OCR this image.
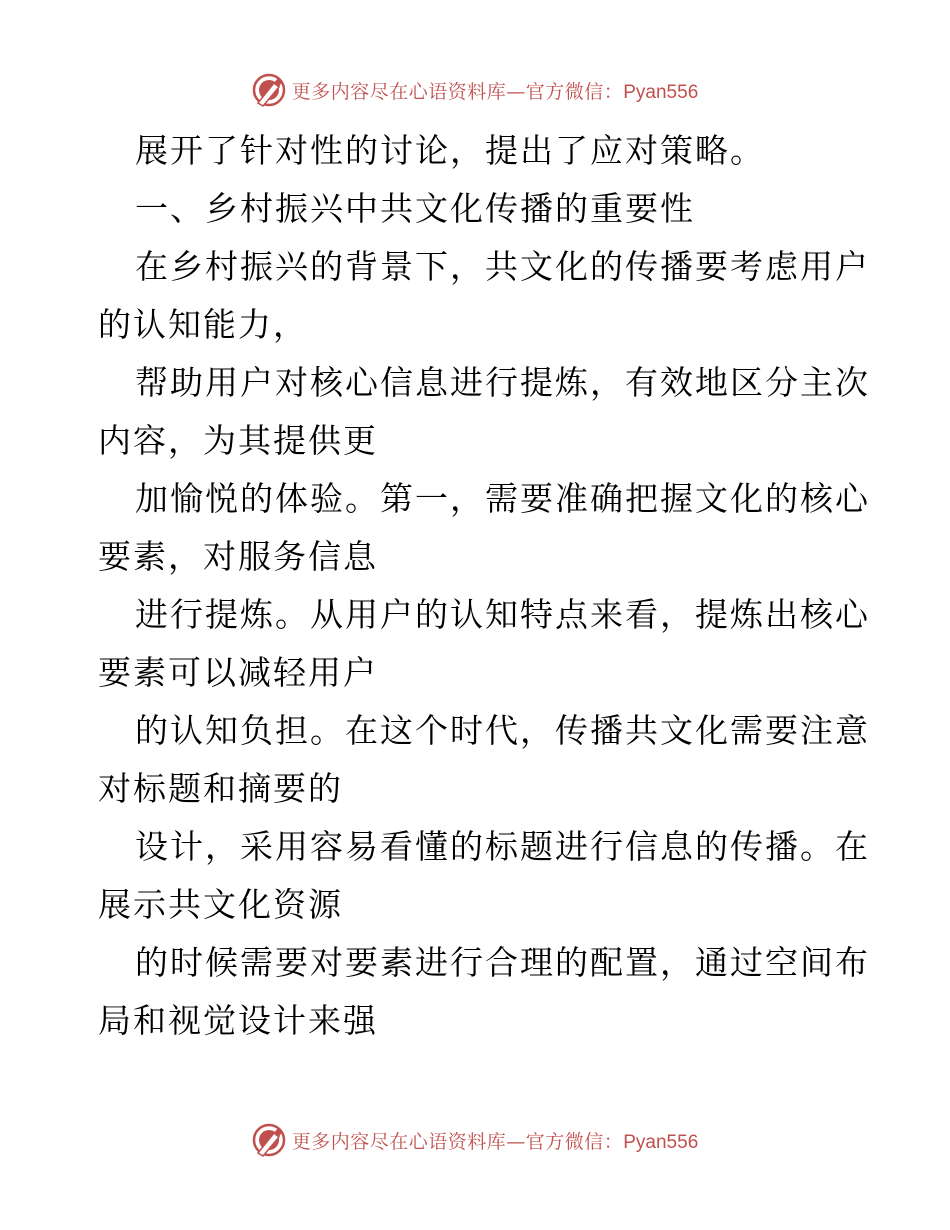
更多内容尽在心语资料库—官方微信：Pyan556

展开了针对性的讨论，提出了应对策略。

一、乡村振兴中共文化传播的重要性

在乡村振兴的背景下，共文化的传播要考虑用户
的认知能力，

帮助用户对核心信息进行提炼，有效地区分主次
内容，为其提供更

加愉悦的体验。第一，需要准确把握文化的核心
要素，对服务信息

进行提炼。从用户的认知特点来看，提炼出核心
要素可以减轻用户

的认知负担。在这个时代，传播共文化需要注意
对标题和摘要的

设计，采用容易看懂的标题进行信息的传播。在
展示共文化资源

的时候需要对要素进行合理的配置，通过空间布
局和视觉设计来强

更多内容尽在心语资料库—官方微信：Pyan556
